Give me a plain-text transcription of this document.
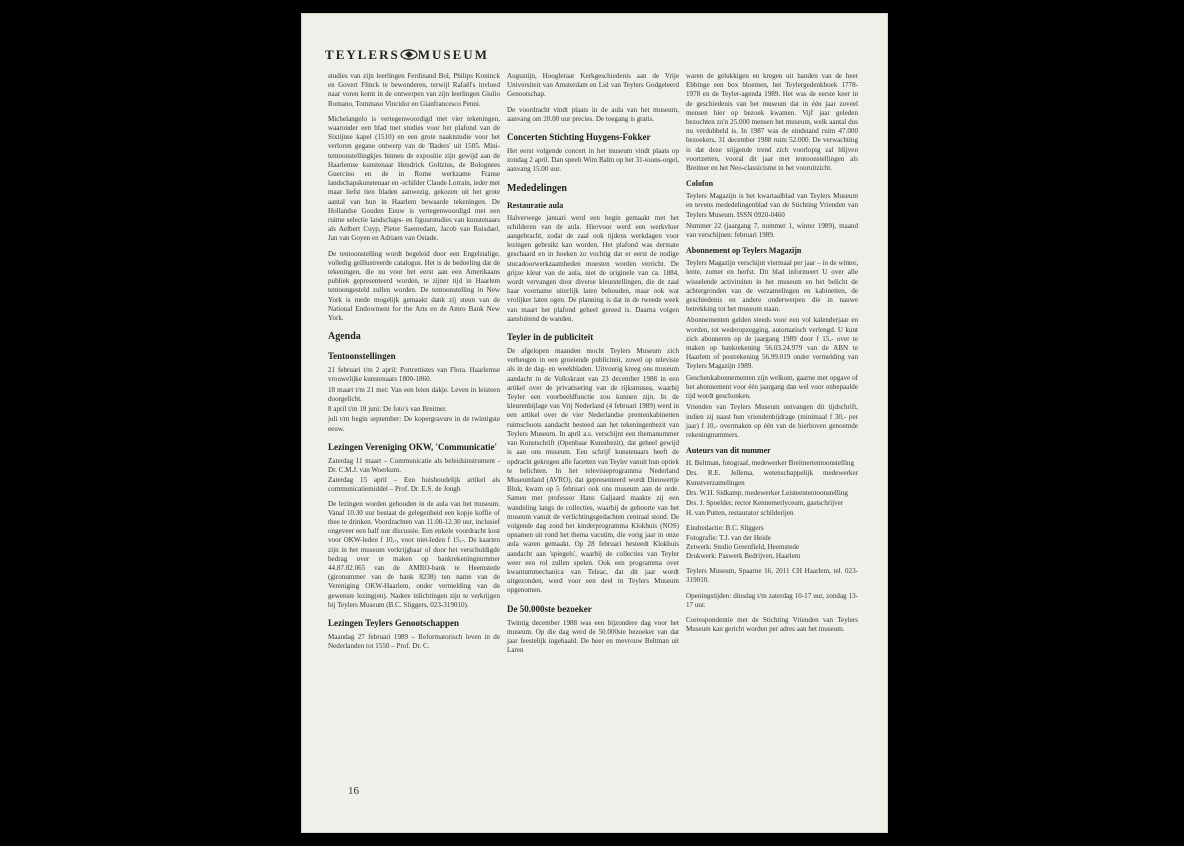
TEYLERS MUSEUM

studies van zijn leerlingen Ferdinand Bol, Philips Koninck en Govert Flinck te bewonderen, terwijl Rafaël's invloed naar voren komt in de ontwerpen van zijn leerlingen Giulio Romano, Tommaso Vincidor en Gianfrancesco Penni.

Michelangelo is vertegenwoordigd met vier tekeningen, waaronder een blad met studies voor het plafond van de Sixtijnse kapel (1510) en een grote naaktstudie voor het verloren gegane ontwerp van de 'Baders' uit 1505. Mini-tentoonstellingkjes binnen de expositie zijn gewijd aan de Haarlemse kunstenaar Hendrick Goltzius, de Bolognees Guercino en de in Rome werkzame Franse landschapskunstenaar en -schilder Claude Lorrain, ieder met maar liefst tien bladen aanwezig, gekozen uit het grote aantal van hun in Haarlem bewaarde tekeningen. De Hollandse Gouden Eeuw is vertegenwoordigd met een ruime selectie landschaps- en figuurstudies van kunstenaars als Aelbert Cuyp, Pieter Saenredam, Jacob van Ruisdael, Jan van Goyen en Adriaen van Ostade.

De tentoonstelling wordt begeleid door een Engelstalige, volledig geïllustreerde catalogus. Het is de bedoeling dat de tekeningen, die nu voor het eerst aan een Amerikaans publiek gepresenteerd worden, te zijner tijd in Haarlem tentoongesteld zullen worden. De tentoonstelling in New York is mede mogelijk gemaakt dank zij steun van de National Endowment for the Arts en de Amro Bank New York.

Agenda
Tentoonstellingen
21 februari t/m 2 april: Portrettistes van Flora. Haarlemse vrouwelijke kunstenaars 1800-1860.
18 maart t/m 21 mei: Van een leien dakje. Leven in leisteen doorgelicht.
8 april t/m 18 juni: De foto's van Breitner.
juli t/m begin september: De kopergravure in de twintigste eeuw.
Lezingen Vereniging OKW, 'Communicatie'
Zaterdag 11 maart – Communicatie als beleidsinstrument -Dr. C.M.J. van Woerkum.
Zaterdag 15 april – Een huishoudelijk artikel als communicatiemiddel – Prof. Dr. E.S. de Jongh

De lezingen worden gehouden in de aula van het museum. Vanaf 10.30 uur bestaat de gelegenheid een kopje koffie of thee te drinken. Voordrachten van 11.00-12.30 uur, inclusief ongeveer een half uur discussie. Een enkele voordracht kost voor OKW-leden f 10,-, voor niet-leden f 15,-. De kaarten zijn in het museum verkrijgbaar of door het verschuldigde bedrag over te maken op bankrekeningnummer 44.87.82.065 van de AMRO-bank te Heemstede (gironummer van de bank 8238) ten name van de Vereniging OKW-Haarlem, onder vermelding van de gewenste lezing(en). Nadere inlichtingen zijn te verkrijgen bij Teylers Museum (B.C. Sliggers, 023-319010).

Lezingen Teylers Genootschappen

Maandag 27 februari 1989 – Reformatorisch leven in de Nederlanden tot 1550 – Prof. Dr. C.

Augustijn, Hoogleraar Kerkgeschiedenis aan de Vrije Universiteit van Amsterdam en Lid van Teylers Godgeleerd Genootschap.

De voordracht vindt plaats in de aula van het museum, aanvang om 20.00 uur precies. De toegang is gratis.

Concerten Stichting Huygens-Fokker

Het eerst volgende concert in het museum vindt plaats op zondag 2 april. Dan speelt Wim Balm op het 31-toons-orgel, aanvang 15.00 uur.

Mededelingen
Restauratie aula

Halverwege januari werd een begin gemaakt met het schilderen van de aula. Hiervoor werd een werkvloer aangebracht, zodat de zaal ook tijdens werkdagen voor lezingen gebruikt kan worden. Het plafond was dermate geschaard en in hoeken zo vochtig dat er eerst de nodige stucadoorwerkzaamheden moesten worden verricht. De grijze kleur van de aula, niet de originele van ca. 1884, wordt vervangen door diverse kleurstellingen, die de zaal haar voorname uiterlijk laten behouden, maar ook wat vrolijker laten ogen. De planning is dat in de tweede week van maart het plafond geheel gereed is. Daarna volgen aansluitend de wanden.

Teyler in de publiciteit

De afgelopen maanden mocht Teylers Museum zich verheugen in een groeiende publiciteit, zowel op televisie als in de dag- en weekbladen. Uitvoerig kreeg ons museum aandacht in de Volkskrant van 23 december 1988 in een artikel over de privatisering van de rijksmusea, waarbij Teyler een voorbeeldfunctie zou kunnen zijn. In de kleurenbijlage van Vrij Nederland (4 februari 1989) werd in een artikel over de vier Nederlandse prentenkabinetten ruimschoots aandacht besteed aan het tekeningenbezit van Teylers Museum. In april a.s. verschijnt een themanummer van Kunstschrift (Openbaar Kunstbezit), dat geheel gewijd is aan ons museum. Een schrijf kunstenaars heeft de opdracht gekregen alle facetten van Teyler vanuit hun optiek te belichten. In het televisieprogramma Nederland Museumland (AVRO), dat gepresenteerd wordt Dieuwertje Blok, kwam op 5 februari ook ons museum aan de orde. Samen met professor Hans Galjaard maakte zij een wandeling langs de collecties, waarbij de geboorte van het museum vanuit de verlichtingsgedachten centraal stond. De volgende dag zond het kinderprogramma Klokhuis (NOS) opnamen uit rond het thema vacuüm, die vorig jaar in onze aula waren gemaakt. Op 28 februari besteedt Klokhuis aandacht aan 'spiegels', waarbij de collecties van Teyler weer een rol zullen spelen. Ook een programma over kwantummechanica van Teleac, dat dit jaar wordt uitgezonden, werd voor een deel in Teylers Museum opgenomen.

De 50.000ste bezoeker

Twintig december 1988 was een bijzondere dag voor het museum. Op die dag werd de 50.000ste bezoeker van dat jaar feestelijk ingehaald. De heer en mevrouw Beltman uit Laren

waren de gelukkigen en kregen uit handen van de heer Ebbinge een box bloemen, het Teylergedenkboek 1778-1978 en de Teyler-agenda 1989. Het was de eerste keer in de geschiedenis van het museum dat in één jaar zoveel mensen hier op bezoek kwamen. Vijf jaar geleden bezochten zo'n 25.000 mensen het museum, welk aantal dus nu verdubbeld is. In 1987 was de eindstand ruim 47.000 bezoekers, 31 december 1988 ruim 52.000. De verwachting is dat deze stijgende trend zich voorlopig zal blijven voortzetten, vooral dit jaar met tentoonstellingen als Breitner en het Neo-classicisme in het vooruitzicht.

Colofon

Teylers Magazijn is het kwartaalblad van Teylers Museum en tevens mededelingenblad van de Stichting Vrienden van Teylers Museum. ISSN 0920-0460

Nummer 22 (jaargang 7, nummer 1, winter 1989), maand van verschijnen: februari 1989.

Abonnement op Teylers Magazijn

Teylers Magazijn verschijnt viermaal per jaar – in de winter, lente, zomer en herfst. Dit blad informeert U over alle wisselende activiteiten in het museum en het belicht de achtergronden van de verzamelingen en kabinetten, de geschiedenis en andere onderwerpen die in nauwe betrekking tot het museum staan.

Abonnementen gelden steeds voor een vol kalenderjaar en worden, tot wederopzegging, automatisch verlengd. U kunt zich abonneren op de jaargang 1989 door f 15,- over te maken op bankrekening 56.03.24.979 van de ABN te Haarlem of postrekening 56.99.019 onder vermelding van Teylers Magazijn 1989.

Geschenkabonnementen zijn welkom, gaarne met opgave of het abonnement voor één jaargang dan wel voor onbepaalde tijd wordt geschonken.

Vrienden van Teylers Museum ontvangen dit tijdschrift, indien zij naast hun vriendenbijdrage (minimaal f 30,- per jaar) f 10,- overmaken op één van de hierboven genoemde rekeningnummers.

Auteurs van dit nummer
H. Beltman, fotograaf, medewerker Breitnertentoonstelling
Drs. R.E. Jellema, wetenschappelijk medewerker Kunstverzamelingen
Drs. W.H. Sidkamp, medewerker Leisteententoonstelling
Drs. J. Spoelder, rector Kennemerlyceum, gastschrijver
H. van Putten, restaurator schilderijen
Eindredactie: B.C. Sliggers
Fotografie: T.J. van der Heide
Zetwerk: Studio Greenfield, Heemstede
Drukwerk: Paswerk Bedrijven, Haarlem

Teylers Museum, Spaarne 16, 2011 CH Haarlem, tel. 023-319010.

Openingstijden: dinsdag t/m zaterdag 10-17 uur, zondag 13-17 uur.

Correspondentie met de Stichting Vrienden van Teylers Museum kan gericht worden per adres aan het museum.

16
